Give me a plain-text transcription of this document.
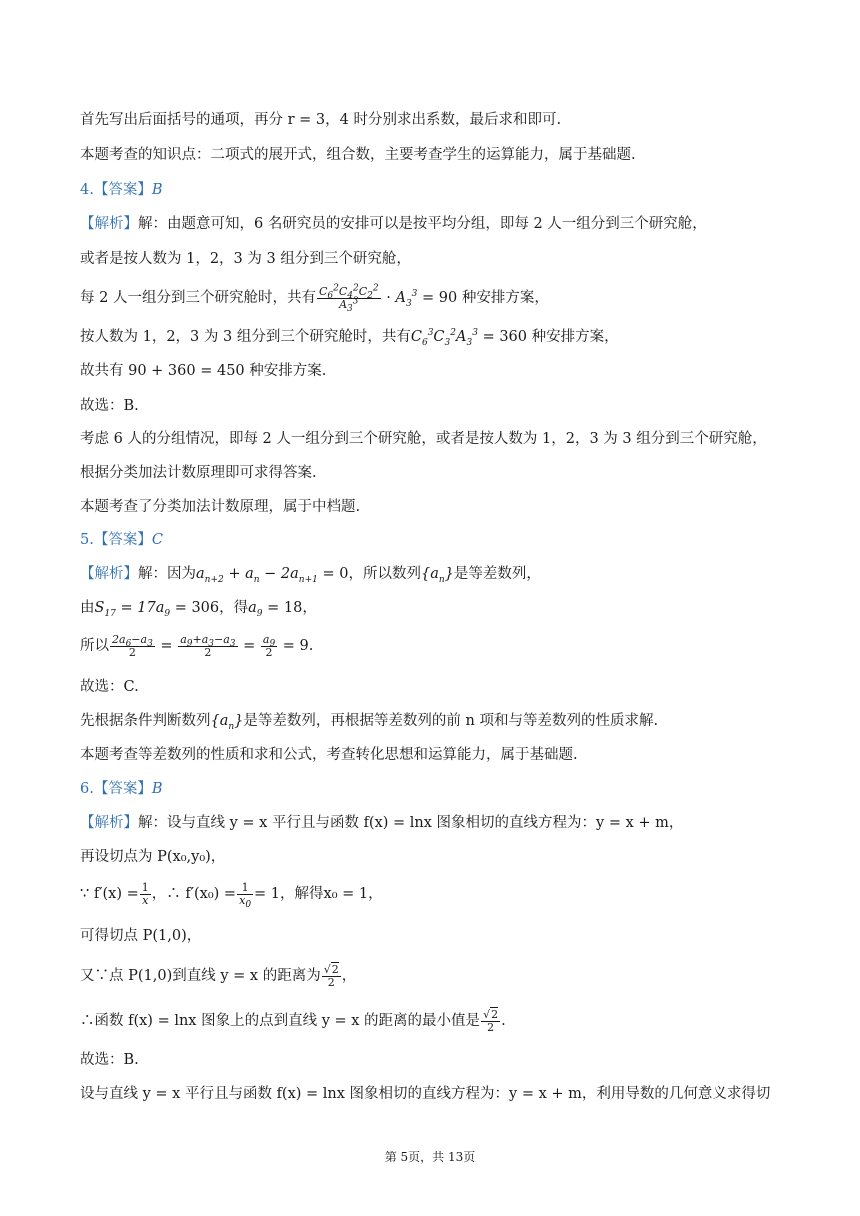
首先写出后面括号的通项，再分 r = 3，4 时分别求出系数，最后求和即可.
本题考查的知识点：二项式的展开式，组合数，主要考查学生的运算能力，属于基础题.
4.【答案】B
【解析】解：由题意可知，6 名研究员的安排可以是按平均分组，即每 2 人一组分到三个研究舱，
或者是按人数为 1，2，3 为 3 组分到三个研究舱，
每 2 人一组分到三个研究舱时，共有 $\frac{C_6^2C_4^2C_2^2}{A_3^3} \cdot A_3^3 = 90$ 种安排方案，
按人数为 1，2，3 为 3 组分到三个研究舱时，共有$C_6^3C_3^2A_3^3 = 360$ 种安排方案，
故共有 90 + 360 = 450 种安排方案.
故选：B.
考虑 6 人的分组情况，即每 2 人一组分到三个研究舱，或者是按人数为 1，2，3 为 3 组分到三个研究舱，
根据分类加法计数原理即可求得答案.
本题考查了分类加法计数原理，属于中档题.
5.【答案】C
【解析】解：因为$a_{n+2} + a_n - 2a_{n+1} = 0$，所以数列$\{a_n\}$是等差数列，
由$S_{17} = 17a_9 = 306$，得$a_9 = 18$，
所以 $\frac{2a_6-a_3}{2} = \frac{a_9+a_3-a_3}{2} = \frac{a_9}{2} = 9$.
故选：C.
先根据条件判断数列$\{a_n\}$是等差数列，再根据等差数列的前 n 项和与等差数列的性质求解.
本题考查等差数列的性质和求和公式，考查转化思想和运算能力，属于基础题.
6.【答案】B
【解析】解：设与直线 y = x 平行且与函数 f(x) = lnx 图象相切的直线方程为：y = x + m，
再设切点为 P(x₀,y₀)，
∵ $f'(x) = \frac{1}{x}$ ，∴ $f'(x_0) = \frac{1}{x_0} = 1$，解得x₀ = 1，
可得切点 P(1,0)，
又∵点 P(1,0)到直线 y = x 的距离为 $\frac{√2}{2}$ ，
∴函数 f(x) = lnx 图象上的点到直线 y = x 的距离的最小值是 $\frac{√2}{2}$ .
故选：B.
设与直线 y = x 平行且与函数 f(x) = lnx 图象相切的直线方程为：y = x + m，利用导数的几何意义求得切
第 5页，共 13页
